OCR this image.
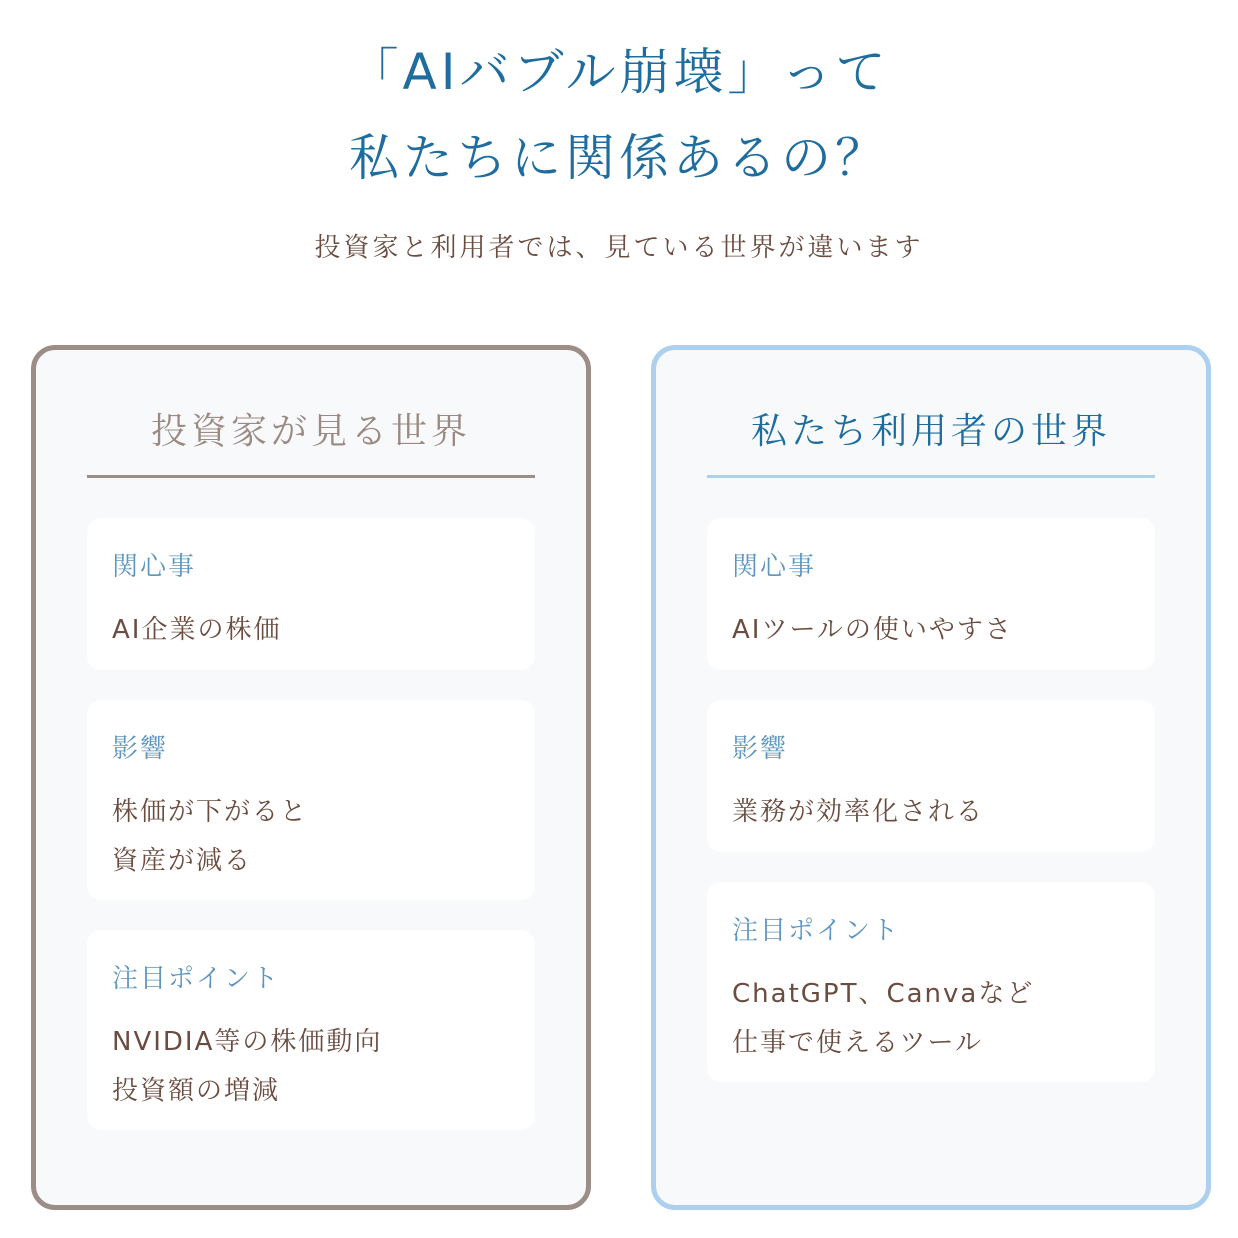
「AIバブル崩壊」って
私たちに関係あるの？
投資家と利用者では、見ている世界が違います
投資家が見る世界
関心事
AI企業の株価
影響
株価が下がると
資産が減る
注目ポイント
NVIDIA等の株価動向
投資額の増減
私たち利用者の世界
関心事
AIツールの使いやすさ
影響
業務が効率化される
注目ポイント
ChatGPT、Canvaなど
仕事で使えるツール
